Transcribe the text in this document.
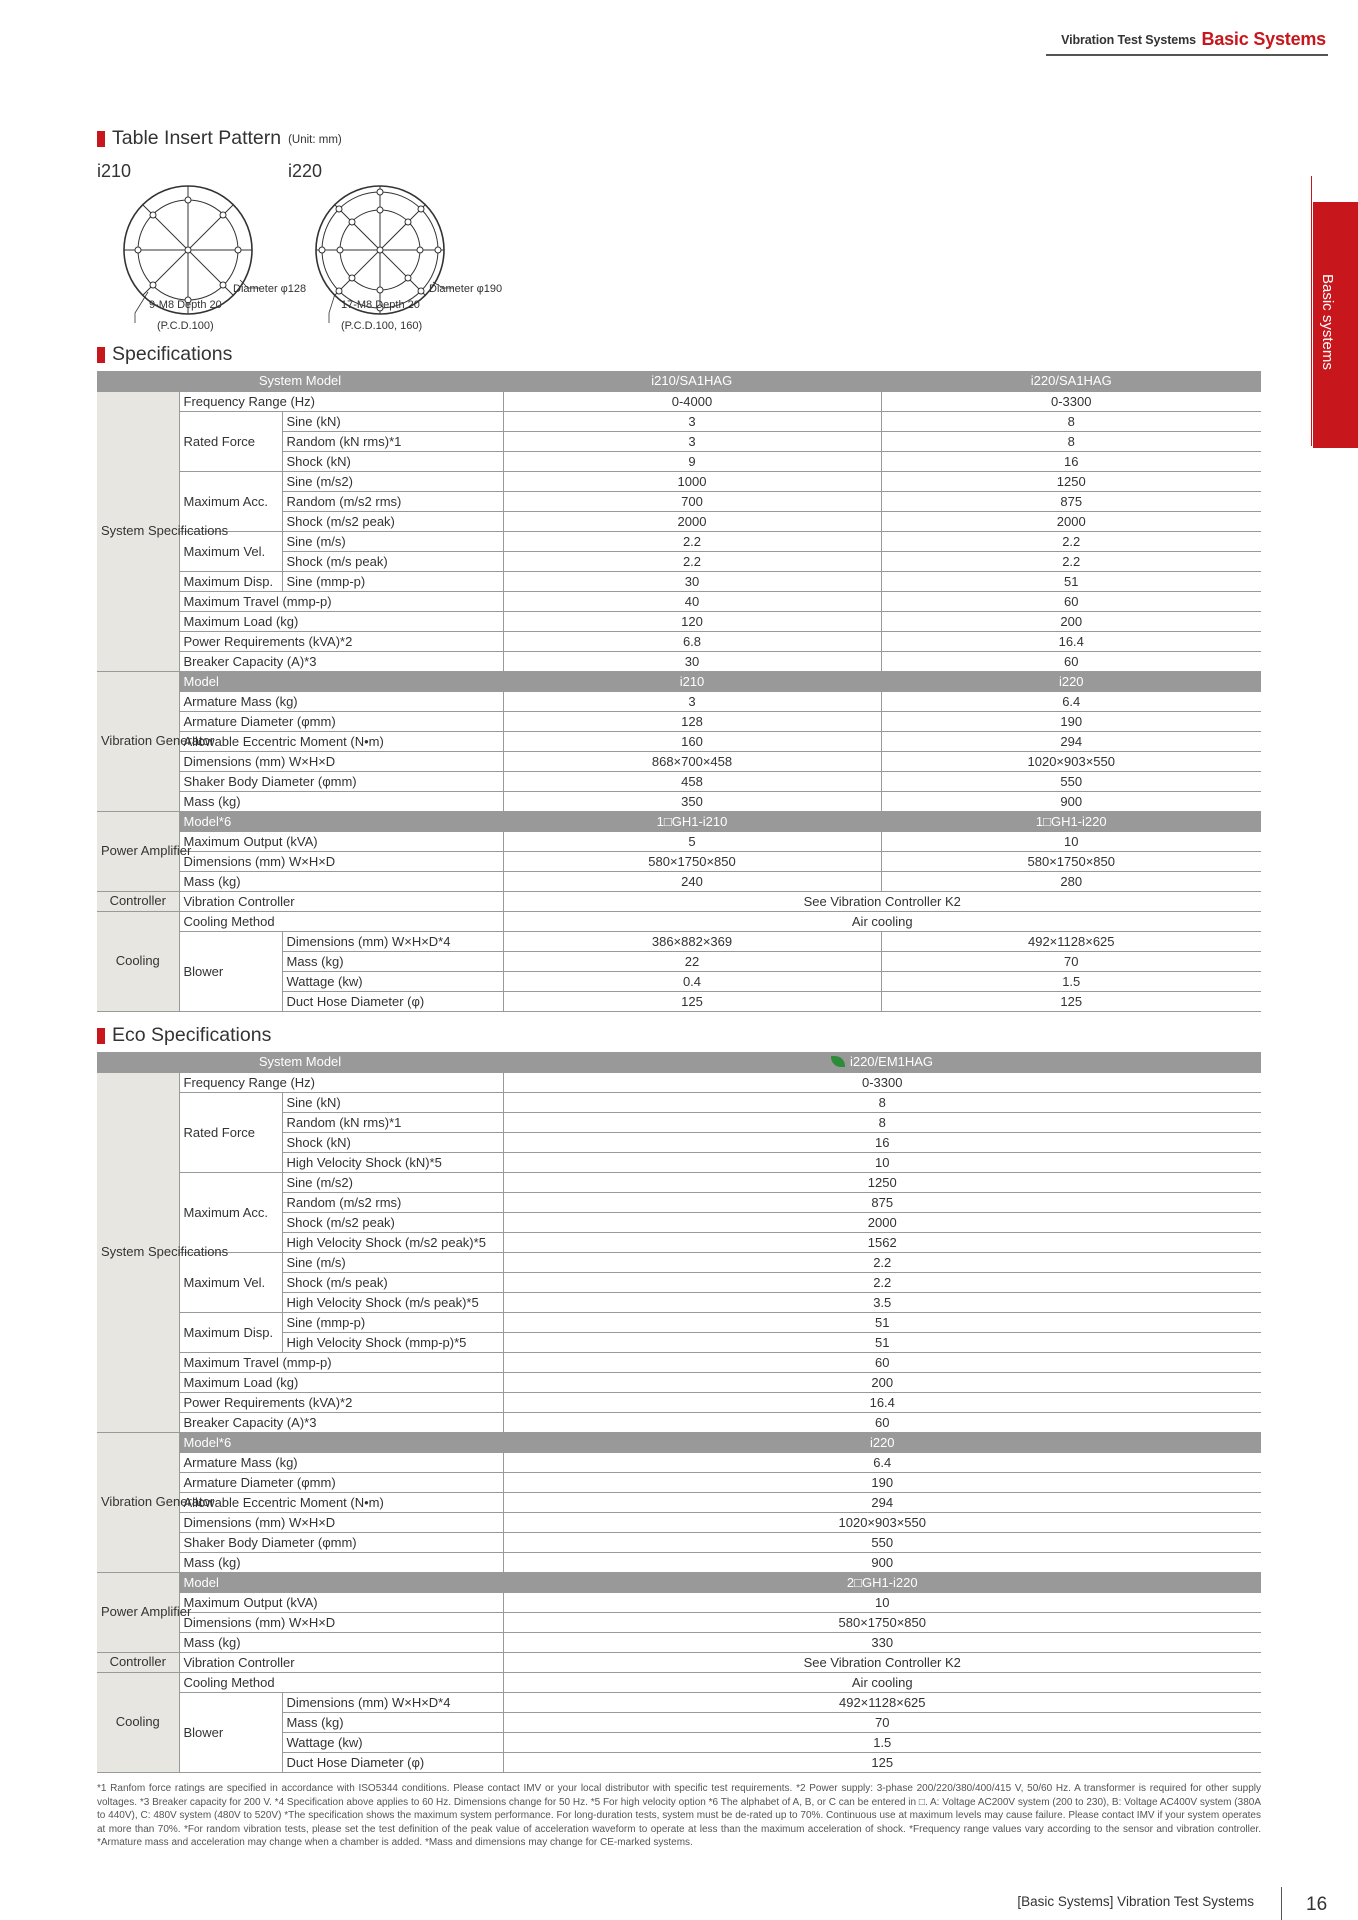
Vibration Test Systems Basic Systems
Basic systems
Table Insert Pattern (Unit: mm)
i210	i220
Diameter φ128
9-M8 Depth 20
(P.C.D.100)
Diameter φ190
17-M8 Depth 20
(P.C.D.100, 160)
Specifications
System Model			i210/SA1HAG	i220/SA1HAG
System Specifications	Frequency Range (Hz)		0-4000	0-3300
	Rated Force	Sine (kN)	3	8
		Random (kN rms)*1	3	8
		Shock (kN)	9	16
	Maximum Acc.	Sine (m/s2)	1000	1250
		Random (m/s2 rms)	700	875
		Shock (m/s2 peak)	2000	2000
	Maximum Vel.	Sine (m/s)	2.2	2.2
		Shock (m/s peak)	2.2	2.2
	Maximum Disp.	Sine (mmp-p)	30	51
	Maximum Travel (mmp-p)		40	60
	Maximum Load (kg)		120	200
	Power Requirements (kVA)*2		6.8	16.4
	Breaker Capacity (A)*3		30	60
Vibration Generator	Model		i210	i220
	Armature Mass (kg)		3	6.4
	Armature Diameter (φmm)		128	190
	Allowable Eccentric Moment (N•m)		160	294
	Dimensions (mm) W×H×D		868×700×458	1020×903×550
	Shaker Body Diameter (φmm)		458	550
	Mass (kg)		350	900
Power Amplifier	Model*6		1□GH1-i210	1□GH1-i220
	Maximum Output (kVA)		5	10
	Dimensions (mm) W×H×D		580×1750×850	580×1750×850
	Mass (kg)		240	280
Controller	Vibration Controller		See Vibration Controller K2	
Cooling	Cooling Method		Air cooling	
	Blower	Dimensions (mm) W×H×D*4	386×882×369	492×1128×625
		Mass (kg)	22	70
		Wattage (kw)	0.4	1.5
		Duct Hose Diameter (φ)	125	125
Eco Specifications
System Model			i220/EM1HAG
System Specifications	Frequency Range (Hz)		0-3300
	Rated Force	Sine (kN)	8
		Random (kN rms)*1	8
		Shock (kN)	16
		High Velocity Shock (kN)*5	10
	Maximum Acc.	Sine (m/s2)	1250
		Random (m/s2 rms)	875
		Shock (m/s2 peak)	2000
		High Velocity Shock (m/s2 peak)*5	1562
	Maximum Vel.	Sine (m/s)	2.2
		Shock (m/s peak)	2.2
		High Velocity Shock (m/s peak)*5	3.5
	Maximum Disp.	Sine (mmp-p)	51
		High Velocity Shock (mmp-p)*5	51
	Maximum Travel (mmp-p)		60
	Maximum Load (kg)		200
	Power Requirements (kVA)*2		16.4
	Breaker Capacity (A)*3		60
Vibration Generator	Model*6		i220
	Armature Mass (kg)		6.4
	Armature Diameter (φmm)		190
	Allowable Eccentric Moment (N•m)		294
	Dimensions (mm) W×H×D		1020×903×550
	Shaker Body Diameter (φmm)		550
	Mass (kg)		900
Power Amplifier	Model		2□GH1-i220
	Maximum Output (kVA)		10
	Dimensions (mm) W×H×D		580×1750×850
	Mass (kg)		330
Controller	Vibration Controller		See Vibration Controller K2
Cooling	Cooling Method		Air cooling
	Blower	Dimensions (mm) W×H×D*4	492×1128×625
		Mass (kg)	70
		Wattage (kw)	1.5
		Duct Hose Diameter (φ)	125
*1 Ranfom force ratings are specified in accordance with ISO5344 conditions. Please contact IMV or your local distributor with specific test requirements. *2 Power supply: 3-phase 200/220/380/400/415 V, 50/60 Hz. A transformer is required for other supply voltages. *3 Breaker capacity for 200 V. *4 Specification above applies to 60 Hz. Dimensions change for 50 Hz. *5 For high velocity option *6 The alphabet of A, B, or C can be entered in □. A: Voltage AC200V system (200 to 230), B: Voltage AC400V system (380A to 440V), C: 480V system (480V to 520V) *The specification shows the maximum system performance. For long-duration tests, system must be de-rated up to 70%. Continuous use at maximum levels may cause failure. Please contact IMV if your system operates at more than 70%. *For random vibration tests, please set the test definition of the peak value of acceleration waveform to operate at less than the maximum acceleration of shock. *Frequency range values vary according to the sensor and vibration controller. *Armature mass and acceleration may change when a chamber is added. *Mass and dimensions may change for CE-marked systems.
[Basic Systems] Vibration Test Systems	16
